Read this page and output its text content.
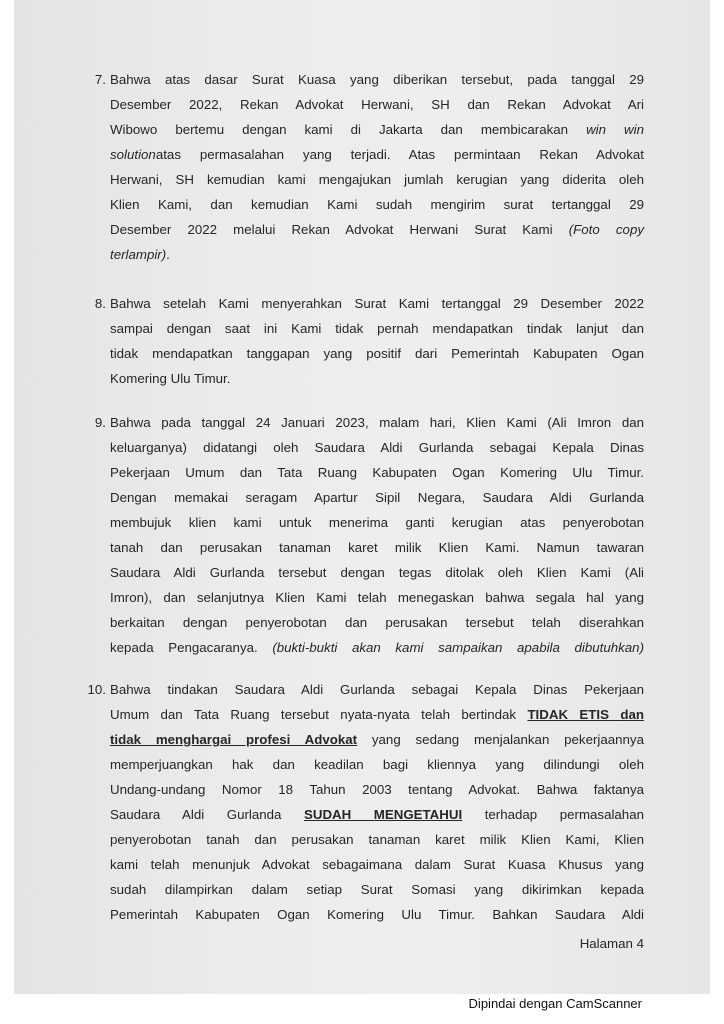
7. Bahwa atas dasar Surat Kuasa yang diberikan tersebut, pada tanggal 29
Desember 2022, Rekan Advokat Herwani, SH dan Rekan Advokat Ari
Wibowo bertemu dengan kami di Jakarta dan membicarakan win win
solutionatas permasalahan yang terjadi. Atas permintaan Rekan Advokat
Herwani, SH kemudian kami mengajukan jumlah kerugian yang diderita oleh
Klien Kami, dan kemudian Kami sudah mengirim surat tertanggal 29
Desember 2022 melalui Rekan Advokat Herwani Surat Kami (Foto copy
terlampir).
8. Bahwa setelah Kami menyerahkan Surat Kami tertanggal 29 Desember 2022
sampai dengan saat ini Kami tidak pernah mendapatkan tindak lanjut dan
tidak mendapatkan tanggapan yang positif dari Pemerintah Kabupaten Ogan
Komering Ulu Timur.
9. Bahwa pada tanggal 24 Januari 2023, malam hari, Klien Kami (Ali Imron dan
keluarganya) didatangi oleh Saudara Aldi Gurlanda sebagai Kepala Dinas
Pekerjaan Umum dan Tata Ruang Kabupaten Ogan Komering Ulu Timur.
Dengan memakai seragam Apartur Sipil Negara, Saudara Aldi Gurlanda
membujuk klien kami untuk menerima ganti kerugian atas penyerobotan
tanah dan perusakan tanaman karet milik Klien Kami. Namun tawaran
Saudara Aldi Gurlanda tersebut dengan tegas ditolak oleh Klien Kami (Ali
Imron), dan selanjutnya Klien Kami telah menegaskan bahwa segala hal yang
berkaitan dengan penyerobotan dan perusakan tersebut telah diserahkan
kepada Pengacaranya. (bukti-bukti akan kami sampaikan apabila dibutuhkan)
10. Bahwa tindakan Saudara Aldi Gurlanda sebagai Kepala Dinas Pekerjaan
Umum dan Tata Ruang tersebut nyata-nyata telah bertindak TIDAK ETIS dan
tidak menghargai profesi Advokat yang sedang menjalankan pekerjaannya
memperjuangkan hak dan keadilan bagi kliennya yang dilindungi oleh
Undang-undang Nomor 18 Tahun 2003 tentang Advokat. Bahwa faktanya
Saudara Aldi Gurlanda SUDAH MENGETAHUI terhadap permasalahan
penyerobotan tanah dan perusakan tanaman karet milik Klien Kami, Klien
kami telah menunjuk Advokat sebagaimana dalam Surat Kuasa Khusus yang
sudah dilampirkan dalam setiap Surat Somasi yang dikirimkan kepada
Pemerintah Kabupaten Ogan Komering Ulu Timur. Bahkan Saudara Aldi
Halaman 4
Dipindai dengan CamScanner
